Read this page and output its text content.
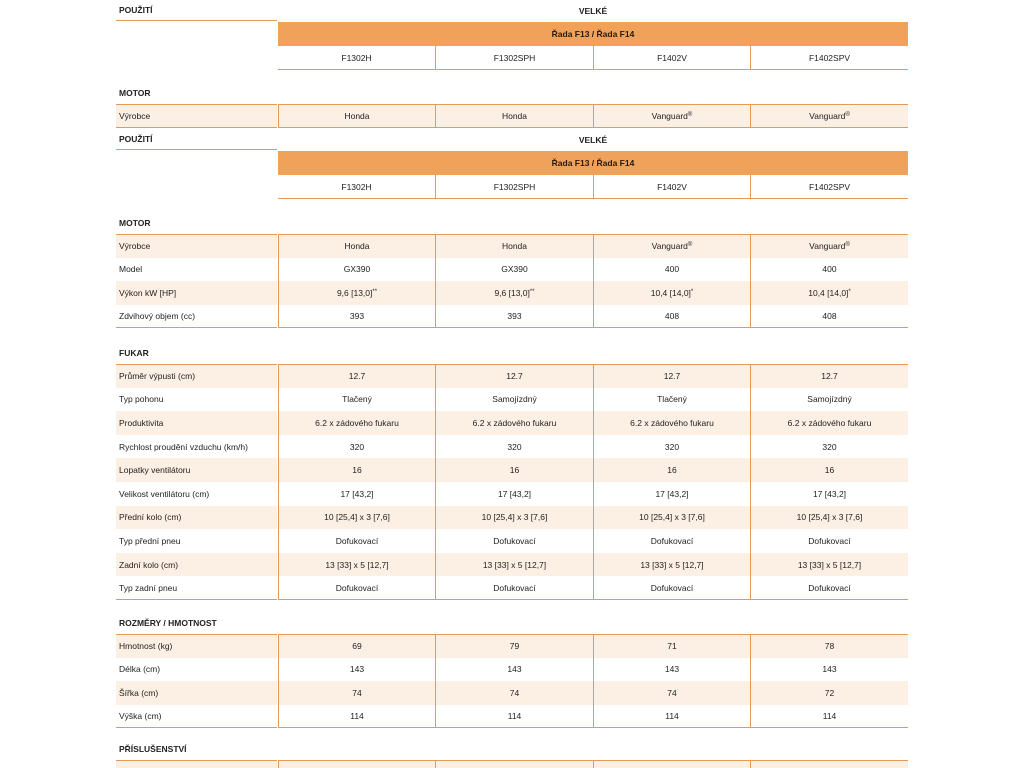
POUŽITÍ	VELKÉ
Řada F13 / Řada F14
F1302H	F1302SPH	F1402V	F1402SPV
MOTOR
Výrobce	Honda	Honda	Vanguard®	Vanguard®
POUŽITÍ	VELKÉ
Řada F13 / Řada F14
F1302H	F1302SPH	F1402V	F1402SPV
MOTOR
Výrobce	Honda	Honda	Vanguard®	Vanguard®
Model	GX390	GX390	400	400
Výkon kW [HP]	9,6 [13,0]**	9,6 [13,0]**	10,4 [14,0]*	10,4 [14,0]*
Zdvihový objem (cc)	393	393	408	408
FUKAR
Průměr výpusti (cm)	12.7	12.7	12.7	12.7
Typ pohonu	Tlačený	Samojízdný	Tlačený	Samojízdný
Produktivita	6.2 x zádového fukaru	6.2 x zádového fukaru	6.2 x zádového fukaru	6.2 x zádového fukaru
Rychlost proudění vzduchu (km/h)	320	320	320	320
Lopatky ventilátoru	16	16	16	16
Velikost ventilátoru (cm)	17 [43,2]	17 [43,2]	17 [43,2]	17 [43,2]
Přední kolo (cm)	10 [25,4] x 3 [7,6]	10 [25,4] x 3 [7,6]	10 [25,4] x 3 [7,6]	10 [25,4] x 3 [7,6]
Typ přední pneu	Dofukovací	Dofukovací	Dofukovací	Dofukovací
Zadní kolo (cm)	13 [33] x 5 [12,7]	13 [33] x 5 [12,7]	13 [33] x 5 [12,7]	13 [33] x 5 [12,7]
Typ zadní pneu	Dofukovací	Dofukovací	Dofukovací	Dofukovací
ROZMĚRY / HMOTNOST
Hmotnost (kg)	69	79	71	78
Délka (cm)	143	143	143	143
Šířka (cm)	74	74	74	72
Výška (cm)	114	114	114	114
PŘÍSLUŠENSTVÍ
